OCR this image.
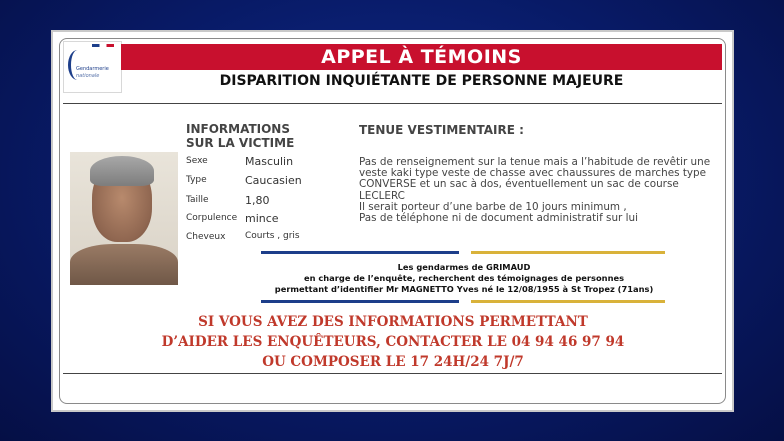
Gendarmerie
nationale
APPEL À TÉMOINS
DISPARITION INQUIÉTANTE DE PERSONNE MAJEURE
INFORMATIONS
SUR LA VICTIME
Sexe	Masculin
Type	Caucasien
Taille	1,80
Corpulence mince
Cheveux Courts , gris
TENUE VESTIMENTAIRE :

Pas de renseignement sur la tenue mais a l’habitude de revêtir une veste kaki type veste de chasse avec chaussures de marches type CONVERSE et un sac à dos, éventuellement un sac de course LECLERC

Il serait porteur d’une barbe de 10 jours minimum ,

Pas de téléphone ni de document administratif sur lui

Les gendarmes de GRIMAUD
en charge de l’enquête, recherchent des témoignages de personnes
permettant d’identifier Mr MAGNETTO Yves né le 12/08/1955 à St Tropez (71ans)
SI VOUS AVEZ DES INFORMATIONS PERMETTANT
D’AIDER LES ENQUÊTEURS, CONTACTER LE 04 94 46 97 94
OU COMPOSER LE 17 24H/24 7J/7
